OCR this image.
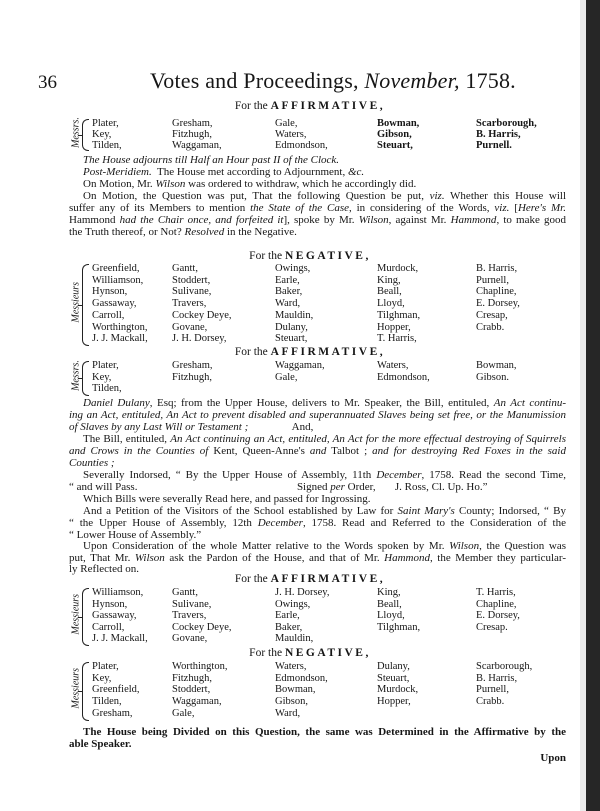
36	Votes and Proceedings, November, 1758.
For the AFFIRMATIVE,
Messrs. Plater,
Key,
Tilden,
Gresham,
Fitzhugh,
Waggaman,
Gale,
Waters,
Edmondson,
Bowman,
Gibson,
Steuart,
Scarborough,
B. Harris,
Purnell.
For the NEGATIVE,
Messieurs
Greenfield,
Williamson,
Hynson,
Gassaway,
Carroll,
Worthington,
J. J. Mackall,
Gantt,
Stoddert,
Sulivane,
Travers,
Cockey Deye,
Govane,
J. H. Dorsey,
Owings,
Earle,
Baker,
Ward,
Mauldin,
Dulany,
Steuart,
Murdock,
King,
Beall,
Lloyd,
Tilghman,
Hopper,
T. Harris,
B. Harris,
Purnell,
Chapline,
E. Dorsey,
Cresap,
Crabb.
For the AFFIRMATIVE,
Messrs. Plater,
Key,
Tilden,
Gresham,
Fitzhugh,
Waggaman,
Gale,
Waters,
Edmondson,
Bowman,
Gibson.
For the AFFIRMATIVE,
Messieurs
Williamson,
Hynson,
Gassaway,
Carroll,
J. J. Mackall,
Gantt,
Sulivane,
Travers,
Cockey Deye,
Govane,
J. H. Dorsey,
Owings,
Earle,
Baker,
Mauldin,
King,
Beall,
Lloyd,
Tilghman,
T. Harris,
Chapline,
E. Dorsey,
Cresap.
For the NEGATIVE,
Messieurs
Plater,
Key,
Greenfield,
Tilden,
Gresham,
Worthington,
Fitzhugh,
Stoddert,
Waggaman,
Gale,
Waters,
Edmondson,
Bowman,
Gibson,
Ward,
Dulany,
Steuart,
Murdock,
Hopper,
Scarborough,
B. Harris,
Purnell,
Crabb.
The House adjourns till Half an Hour past II of the Clock.
Post-Meridiem.  The House met according to Adjournment, &c.
On Motion, Mr. Wilson was ordered to withdraw, which he accordingly did.
On Motion, the Question was put, That the following Question be put, viz. Whether this House will
suffer any of its Members to mention the State of the Case, in considering of the Words, viz. [Here's Mr.
Hammond had the Chair once, and forfeited it], spoke by Mr. Wilson, against Mr. Hammond, to make good
the Truth thereof, or Not? Resolved in the Negative.
Daniel Dulany, Esq; from the Upper House, delivers to Mr. Speaker, the Bill, entituled, An Act continu-
ing an Act, entituled, An Act to prevent disabled and superannuated Slaves being set free, or the Manumission
of Slaves by any Last Will or Testament ;                And,
The Bill, entituled, An Act continuing an Act, entituled, An Act for the more effectual destroying of Squirrels
and Crows in the Counties of Kent, Queen-Anne's and Talbot ; and for destroying Red Foxes in the said
Counties ;
Severally Indorsed, “ By the Upper House of Assembly, 11th December, 1758. Read the second Time,
“ and will Pass.                                                          Signed per Order,       J. Ross, Cl. Up. Ho.”
Which Bills were severally Read here, and passed for Ingrossing.
And a Petition of the Visitors of the School established by Law for Saint Mary's County; Indorsed, “ By
“ the Upper House of Assembly, 12th December, 1758. Read and Referred to the Consideration of the
“ Lower House of Assembly.”
Upon Consideration of the whole Matter relative to the Words spoken by Mr. Wilson, the Question was
put, That Mr. Wilson ask the Pardon of the House, and that of Mr. Hammond, the Member they particular-
ly Reflected on.
The House being Divided on this Question, the same was Determined in the Affirmative by the
able Speaker.
Upon
